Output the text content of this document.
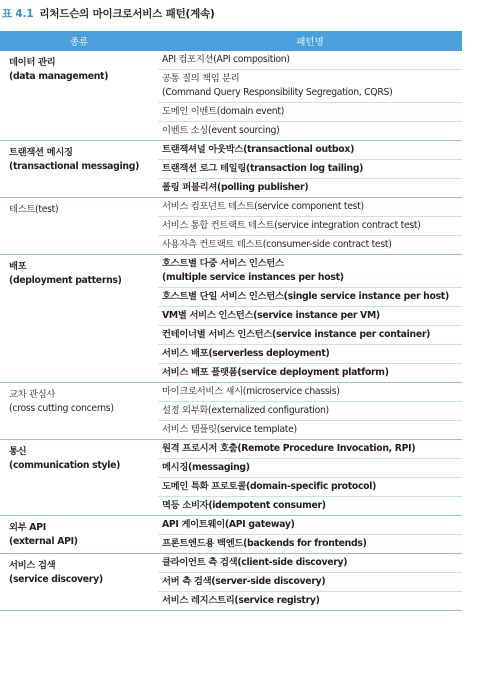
표 4.1 리처드슨의 마이크로서비스 패턴(계속)
종류	패턴명

데이터 관리
(data management)	API 컴포지션(API composition)

	공통 질의 책임 분리
(Command Query Responsibility Segregation, CQRS)

	도메인 이벤트(domain event)

	이벤트 소싱(event sourcing)

트랜잭션 메시징
(transactional messaging)	트랜잭셔널 아웃박스(transactional outbox)

	트랜잭션 로그 테일링(transaction log tailing)

	폴링 퍼블리셔(polling publisher)

테스트(test)	서비스 컴포넌트 테스트(service component test)

	서비스 통합 컨트랙트 테스트(service integration contract test)

	사용자측 컨트랙트 테스트(consumer-side contract test)

배포
(deployment patterns)	호스트별 다중 서비스 인스턴스
(multiple service instances per host)

	호스트별 단일 서비스 인스턴스(single service instance per host)

	VM별 서비스 인스턴스(service instance per VM)

	컨테이너별 서비스 인스턴스(service instance per container)

	서비스 배포(serverless deployment)

	서비스 배포 플랫폼(service deployment platform)

교차 관심사
(cross cutting concerns)	마이크로서비스 섀시(microservice chassis)

	설정 외부화(externalized configuration)

	서비스 템플릿(service template)

통신
(communication style)	원격 프로시저 호출(Remote Procedure Invocation, RPI)

	메시징(messaging)

	도메인 특화 프로토콜(domain-specific protocol)

	멱등 소비자(idempotent consumer)

외부 API
(external API)	API 게이트웨이(API gateway)

	프론트엔드용 백엔드(backends for frontends)

서비스 검색
(service discovery)	클라이언트 측 검색(client-side discovery)

	서버 측 검색(server-side discovery)

	서비스 레지스트리(service registry)
